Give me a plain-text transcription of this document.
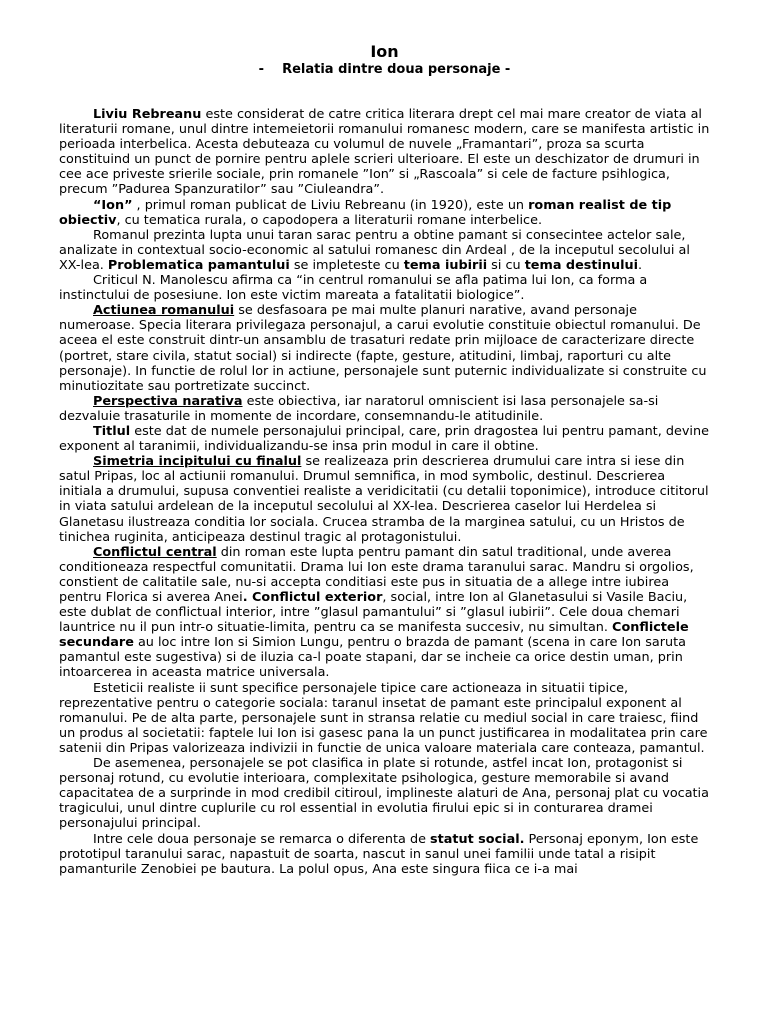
Ion
- Relatia dintre doua personaje -

Liviu Rebreanu este considerat de catre critica literara drept cel mai mare creator de viata al literaturii romane, unul dintre intemeietorii romanului romanesc modern, care se manifesta artistic in perioada interbelica. Acesta debuteaza cu volumul de nuvele „Framantari”, proza sa scurta constituind un punct de pornire pentru aplele scrieri ulterioare. El este un deschizator de drumuri in cee ace priveste srierile sociale, prin romanele ”Ion” si „Rascoala” si cele de facture psihlogica, precum ”Padurea Spanzuratilor” sau ”Ciuleandra”.

“Ion” , primul roman publicat de Liviu Rebreanu (in 1920), este un roman realist de tip obiectiv, cu tematica rurala, o capodopera a literaturii romane interbelice.

Romanul prezinta lupta unui taran sarac pentru a obtine pamant si consecintee actelor sale, analizate in contextual socio-economic al satului romanesc din Ardeal , de la inceputul secolului al XX-lea. Problematica pamantului se impleteste cu tema iubirii si cu tema destinului.

Criticul N. Manolescu afirma ca “in centrul romanului se afla patima lui Ion, ca forma a instinctului de posesiune. Ion este victim mareata a fatalitatii biologice”.

Actiunea romanului se desfasoara pe mai multe planuri narative, avand personaje numeroase. Specia literara privilegaza personajul, a carui evolutie constituie obiectul romanului. De aceea el este construit dintr-un ansamblu de trasaturi redate prin mijloace de caracterizare directe (portret, stare civila, statut social) si indirecte (fapte, gesture, atitudini, limbaj, raporturi cu alte personaje). In functie de rolul lor in actiune, personajele sunt puternic individualizate si construite cu minutiozitate sau portretizate succinct.

Perspectiva narativa este obiectiva, iar naratorul omniscient isi lasa personajele sa-si dezvaluie trasaturile in momente de incordare, consemnandu-le atitudinile.

Titlul este dat de numele personajului principal, care, prin dragostea lui pentru pamant, devine exponent al taranimii, individualizandu-se insa prin modul in care il obtine.

Simetria incipitului cu finalul se realizeaza prin descrierea drumului care intra si iese din satul Pripas, loc al actiunii romanului. Drumul semnifica, in mod symbolic, destinul. Descrierea initiala a drumului, supusa conventiei realiste a veridicitatii (cu detalii toponimice), introduce cititorul in viata satului ardelean de la inceputul secolului al XX-lea. Descrierea caselor lui Herdelea si Glanetasu ilustreaza conditia lor sociala. Crucea stramba de la marginea satului, cu un Hristos de tinichea ruginita, anticipeaza destinul tragic al protagonistului.

Conflictul central din roman este lupta pentru pamant din satul traditional, unde averea conditioneaza respectful comunitatii. Drama lui Ion este drama taranului sarac. Mandru si orgolios, constient de calitatile sale, nu-si accepta conditiasi este pus in situatia de a allege intre iubirea pentru Florica si averea Anei. Conflictul exterior, social, intre Ion al Glanetasului si Vasile Baciu, este dublat de conflictual interior, intre ”glasul pamantului” si ”glasul iubirii”. Cele doua chemari launtrice nu il pun intr-o situatie-limita, pentru ca se manifesta succesiv, nu simultan. Conflictele secundare au loc intre Ion si Simion Lungu, pentru o brazda de pamant (scena in care Ion saruta pamantul este sugestiva) si de iluzia ca-l poate stapani, dar se incheie ca orice destin uman, prin intoarcerea in aceasta matrice universala.

Esteticii realiste ii sunt specifice personajele tipice care actioneaza in situatii tipice, reprezentative pentru o categorie sociala: taranul insetat de pamant este principalul exponent al romanului. Pe de alta parte, personajele sunt in stransa relatie cu mediul social in care traiesc, fiind un produs al societatii: faptele lui Ion isi gasesc pana la un punct justificarea in modalitatea prin care satenii din Pripas valorizeaza indivizii in functie de unica valoare materiala care conteaza, pamantul.

De asemenea, personajele se pot clasifica in plate si rotunde, astfel incat Ion, protagonist si personaj rotund, cu evolutie interioara, complexitate psihologica, gesture memorabile si avand capacitatea de a surprinde in mod credibil citiroul, implineste alaturi de Ana, personaj plat cu vocatia tragicului, unul dintre cuplurile cu rol essential in evolutia firului epic si in conturarea dramei personajului principal.

Intre cele doua personaje se remarca o diferenta de statut social. Personaj eponym, Ion este prototipul taranului sarac, napastuit de soarta, nascut in sanul unei familii unde tatal a risipit pamanturile Zenobiei pe bautura. La polul opus, Ana este singura fiica ce i-a mai
